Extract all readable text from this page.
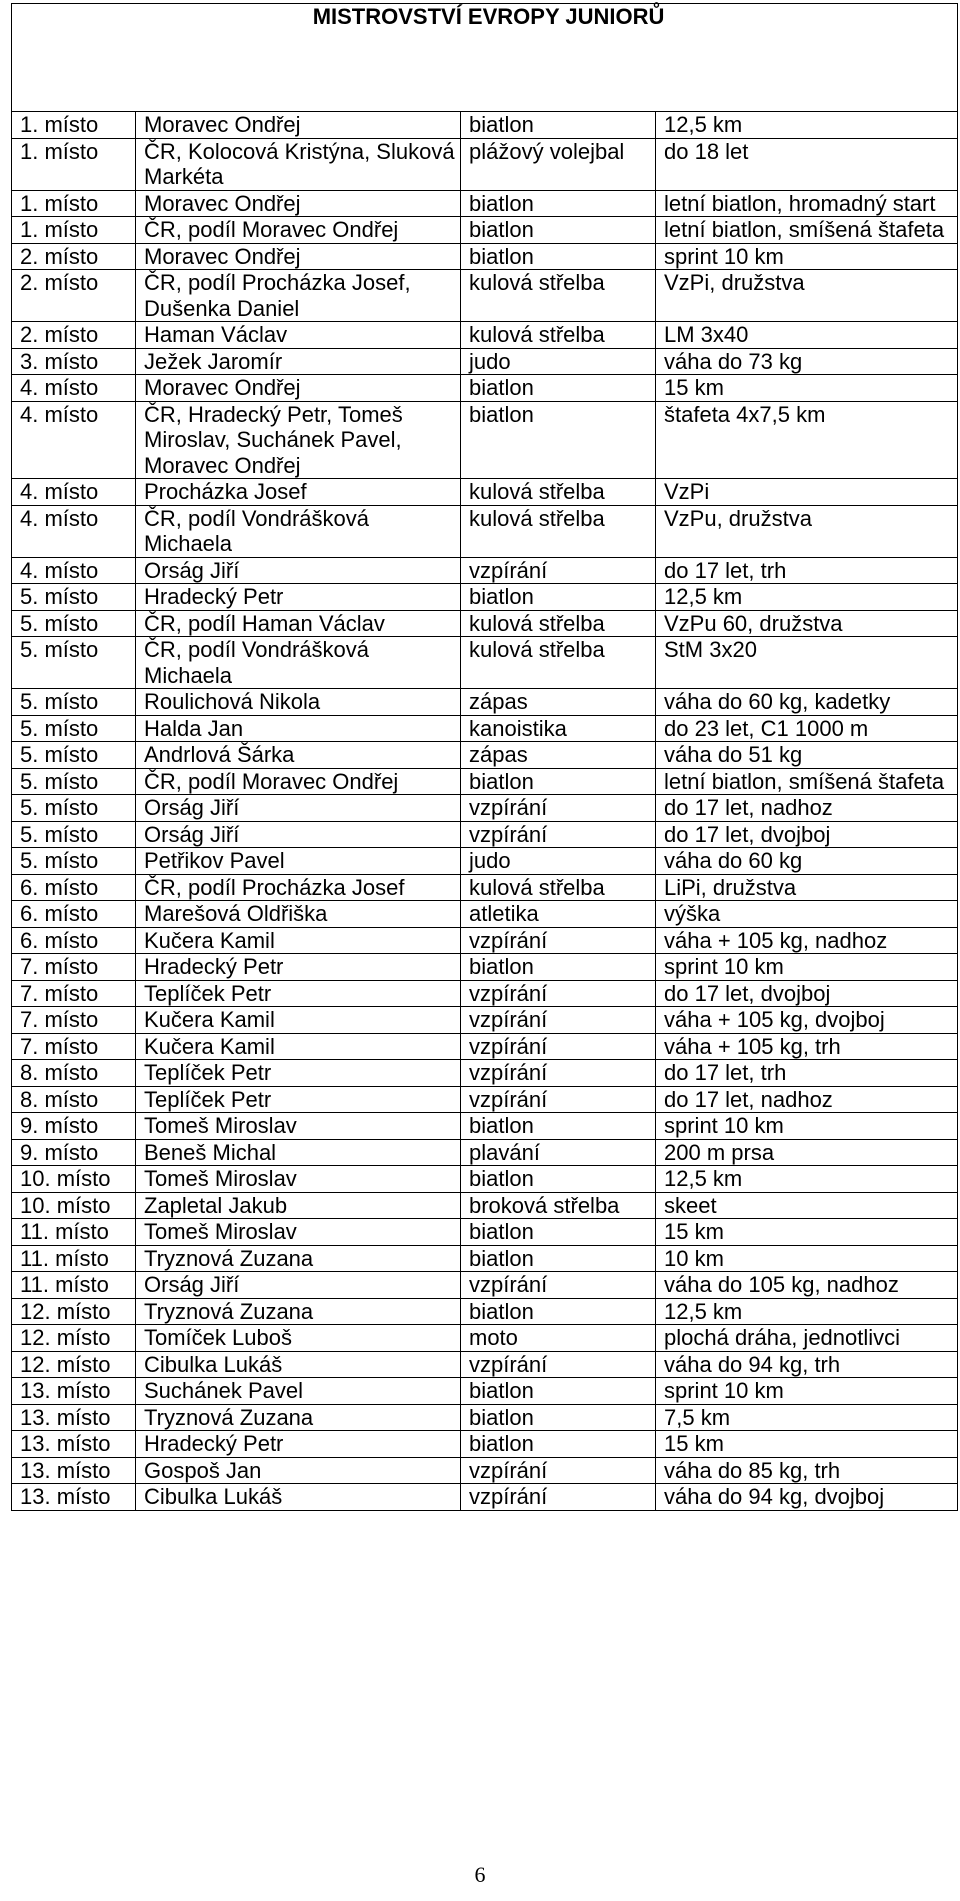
MISTROVSTVÍ EVROPY JUNIORŮ			
1. místo	Moravec Ondřej	biatlon	12,5 km
1. místo	ČR, Kolocová Kristýna, Sluková Markéta	plážový volejbal	do 18 let
1. místo	Moravec Ondřej	biatlon	letní biatlon, hromadný start
1. místo	ČR, podíl Moravec Ondřej	biatlon	letní biatlon, smíšená štafeta
2. místo	Moravec Ondřej	biatlon	sprint 10 km
2. místo	ČR, podíl Procházka Josef, Dušenka Daniel	kulová střelba	VzPi, družstva
2. místo	Haman Václav	kulová střelba	LM 3x40
3. místo	Ježek Jaromír	judo	váha do 73 kg
4. místo	Moravec Ondřej	biatlon	15 km
4. místo	ČR, Hradecký Petr, Tomeš Miroslav, Suchánek Pavel, Moravec Ondřej	biatlon	štafeta 4x7,5 km
4. místo	Procházka Josef	kulová střelba	VzPi
4. místo	ČR, podíl Vondrášková Michaela	kulová střelba	VzPu, družstva
4. místo	Orság Jiří	vzpírání	do 17 let, trh
5. místo	Hradecký Petr	biatlon	12,5 km
5. místo	ČR, podíl Haman Václav	kulová střelba	VzPu 60, družstva
5. místo	ČR, podíl Vondrášková Michaela	kulová střelba	StM 3x20
5. místo	Roulichová Nikola	zápas	váha do 60 kg, kadetky
5. místo	Halda Jan	kanoistika	do 23 let, C1 1000 m
5. místo	Andrlová Šárka	zápas	váha do 51 kg
5. místo	ČR, podíl Moravec Ondřej	biatlon	letní biatlon, smíšená štafeta
5. místo	Orság Jiří	vzpírání	do 17 let, nadhoz
5. místo	Orság Jiří	vzpírání	do 17 let, dvojboj
5. místo	Petřikov Pavel	judo	váha do 60 kg
6. místo	ČR, podíl Procházka Josef	kulová střelba	LiPi, družstva
6. místo	Marešová Oldřiška	atletika	výška
6. místo	Kučera Kamil	vzpírání	váha + 105 kg, nadhoz
7. místo	Hradecký Petr	biatlon	sprint 10 km
7. místo	Teplíček Petr	vzpírání	do 17 let, dvojboj
7. místo	Kučera Kamil	vzpírání	váha + 105 kg, dvojboj
7. místo	Kučera Kamil	vzpírání	váha + 105 kg, trh
8. místo	Teplíček Petr	vzpírání	do 17 let, trh
8. místo	Teplíček Petr	vzpírání	do 17 let, nadhoz
9. místo	Tomeš Miroslav	biatlon	sprint 10 km
9. místo	Beneš Michal	plavání	200 m prsa
10. místo	Tomeš Miroslav	biatlon	12,5 km
10. místo	Zapletal Jakub	broková střelba	skeet
11. místo	Tomeš Miroslav	biatlon	15 km
11. místo	Tryznová Zuzana	biatlon	10 km
11. místo	Orság Jiří	vzpírání	váha do 105 kg, nadhoz
12. místo	Tryznová Zuzana	biatlon	12,5 km
12. místo	Tomíček Luboš	moto	plochá dráha, jednotlivci
12. místo	Cibulka Lukáš	vzpírání	váha do 94 kg, trh
13. místo	Suchánek Pavel	biatlon	sprint 10 km
13. místo	Tryznová Zuzana	biatlon	7,5 km
13. místo	Hradecký Petr	biatlon	15 km
13. místo	Gospoš Jan	vzpírání	váha do 85 kg, trh
13. místo	Cibulka Lukáš	vzpírání	váha do 94 kg, dvojboj
6
